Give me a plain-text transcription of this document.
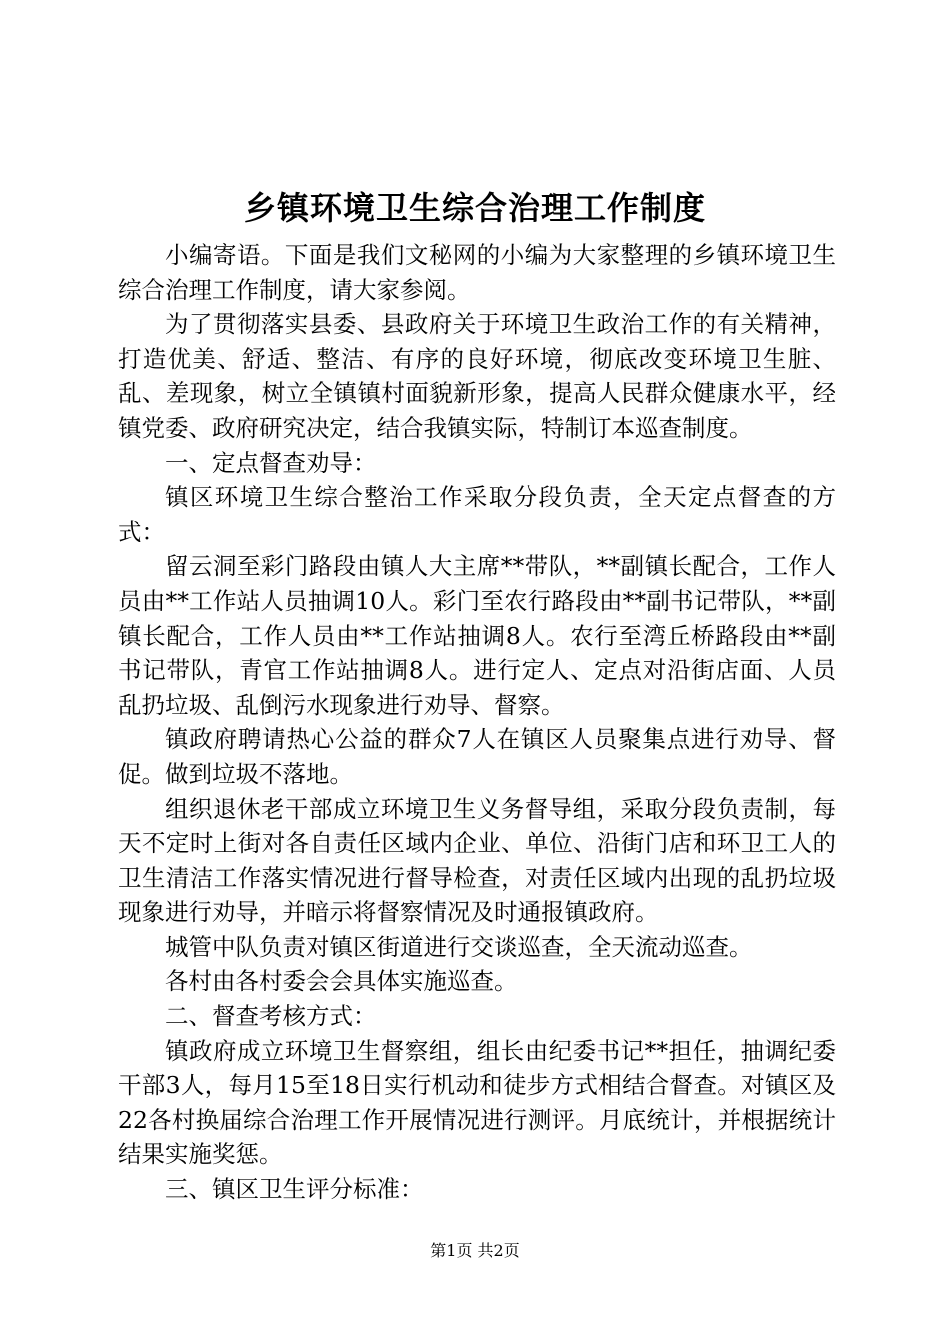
乡镇环境卫生综合治理工作制度

小编寄语。下面是我们文秘网的小编为大家整理的乡镇环境卫生综合治理工作制度，请大家参阅。

为了贯彻落实县委、县政府关于环境卫生政治工作的有关精神，打造优美、舒适、整洁、有序的良好环境，彻底改变环境卫生脏、乱、差现象，树立全镇镇村面貌新形象，提高人民群众健康水平，经镇党委、政府研究决定，结合我镇实际，特制订本巡查制度。

一、定点督查劝导：

镇区环境卫生综合整治工作采取分段负责，全天定点督查的方式：

留云洞至彩门路段由镇人大主席**带队，**副镇长配合，工作人员由**工作站人员抽调10人。彩门至农行路段由**副书记带队，**副镇长配合，工作人员由**工作站抽调8人。农行至湾丘桥路段由**副书记带队，青官工作站抽调8人。进行定人、定点对沿街店面、人员乱扔垃圾、乱倒污水现象进行劝导、督察。

镇政府聘请热心公益的群众7人在镇区人员聚集点进行劝导、督促。做到垃圾不落地。

组织退休老干部成立环境卫生义务督导组，采取分段负责制，每天不定时上街对各自责任区域内企业、单位、沿街门店和环卫工人的卫生清洁工作落实情况进行督导检查，对责任区域内出现的乱扔垃圾现象进行劝导，并暗示将督察情况及时通报镇政府。

城管中队负责对镇区街道进行交谈巡查，全天流动巡查。

各村由各村委会会具体实施巡查。

二、督查考核方式：

镇政府成立环境卫生督察组，组长由纪委书记**担任，抽调纪委干部3人，每月15至18日实行机动和徒步方式相结合督查。对镇区及22各村换届综合治理工作开展情况进行测评。月底统计，并根据统计结果实施奖惩。

三、镇区卫生评分标准：

第1页 共2页
